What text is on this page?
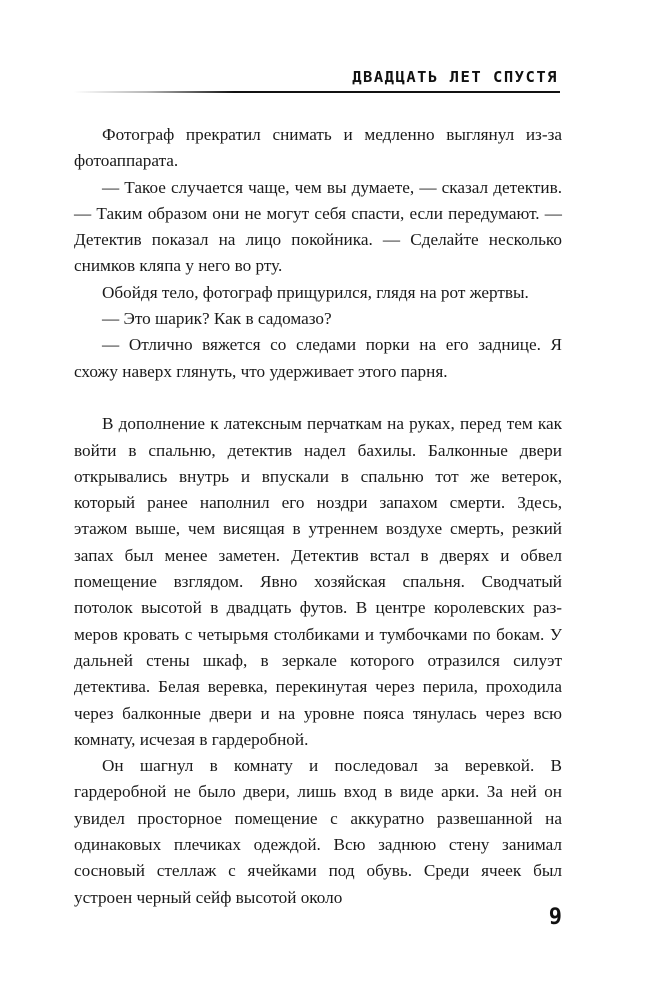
ДВАДЦАТЬ ЛЕТ СПУСТЯ

Фотограф прекратил снимать и медленно выглянул из-за фотоаппарата.

— Такое случается чаще, чем вы думаете, — сказал детектив. — Таким образом они не могут себя спасти, если передумают. — Детектив показал на лицо покойника. — Сделайте несколько снимков кляпа у него во рту.

Обойдя тело, фотограф прищурился, глядя на рот жертвы.

— Это шарик? Как в садомазо?

— Отлично вяжется со следами порки на его заднице. Я схожу наверх глянуть, что удерживает этого парня.

В дополнение к латексным перчаткам на руках, перед тем как войти в спальню, детектив надел бахилы. Балконные двери открывались внутрь и впускали в спальню тот же ветерок, который ранее наполнил его ноздри запахом смерти. Здесь, этажом выше, чем висящая в утреннем воздухе смерть, резкий запах был менее заметен. Детектив встал в дверях и обвел помещение взглядом. Явно хозяйская спальня. Сводчатый потолок высотой в двадцать футов. В центре королевских размеров кровать с четырьмя столбиками и тумбочками по бокам. У дальней стены шкаф, в зеркале которого отразился силуэт детектива. Белая веревка, перекинутая через перила, проходила через балконные двери и на уровне пояса тянулась через всю комнату, исчезая в гардеробной.

Он шагнул в комнату и последовал за веревкой. В гардеробной не было двери, лишь вход в виде арки. За ней он увидел просторное помещение с аккуратно развешанной на одинаковых плечиках одеждой. Всю заднюю стену занимал сосновый стеллаж с ячейками под обувь. Среди ячеек был устроен черный сейф высотой около

9
